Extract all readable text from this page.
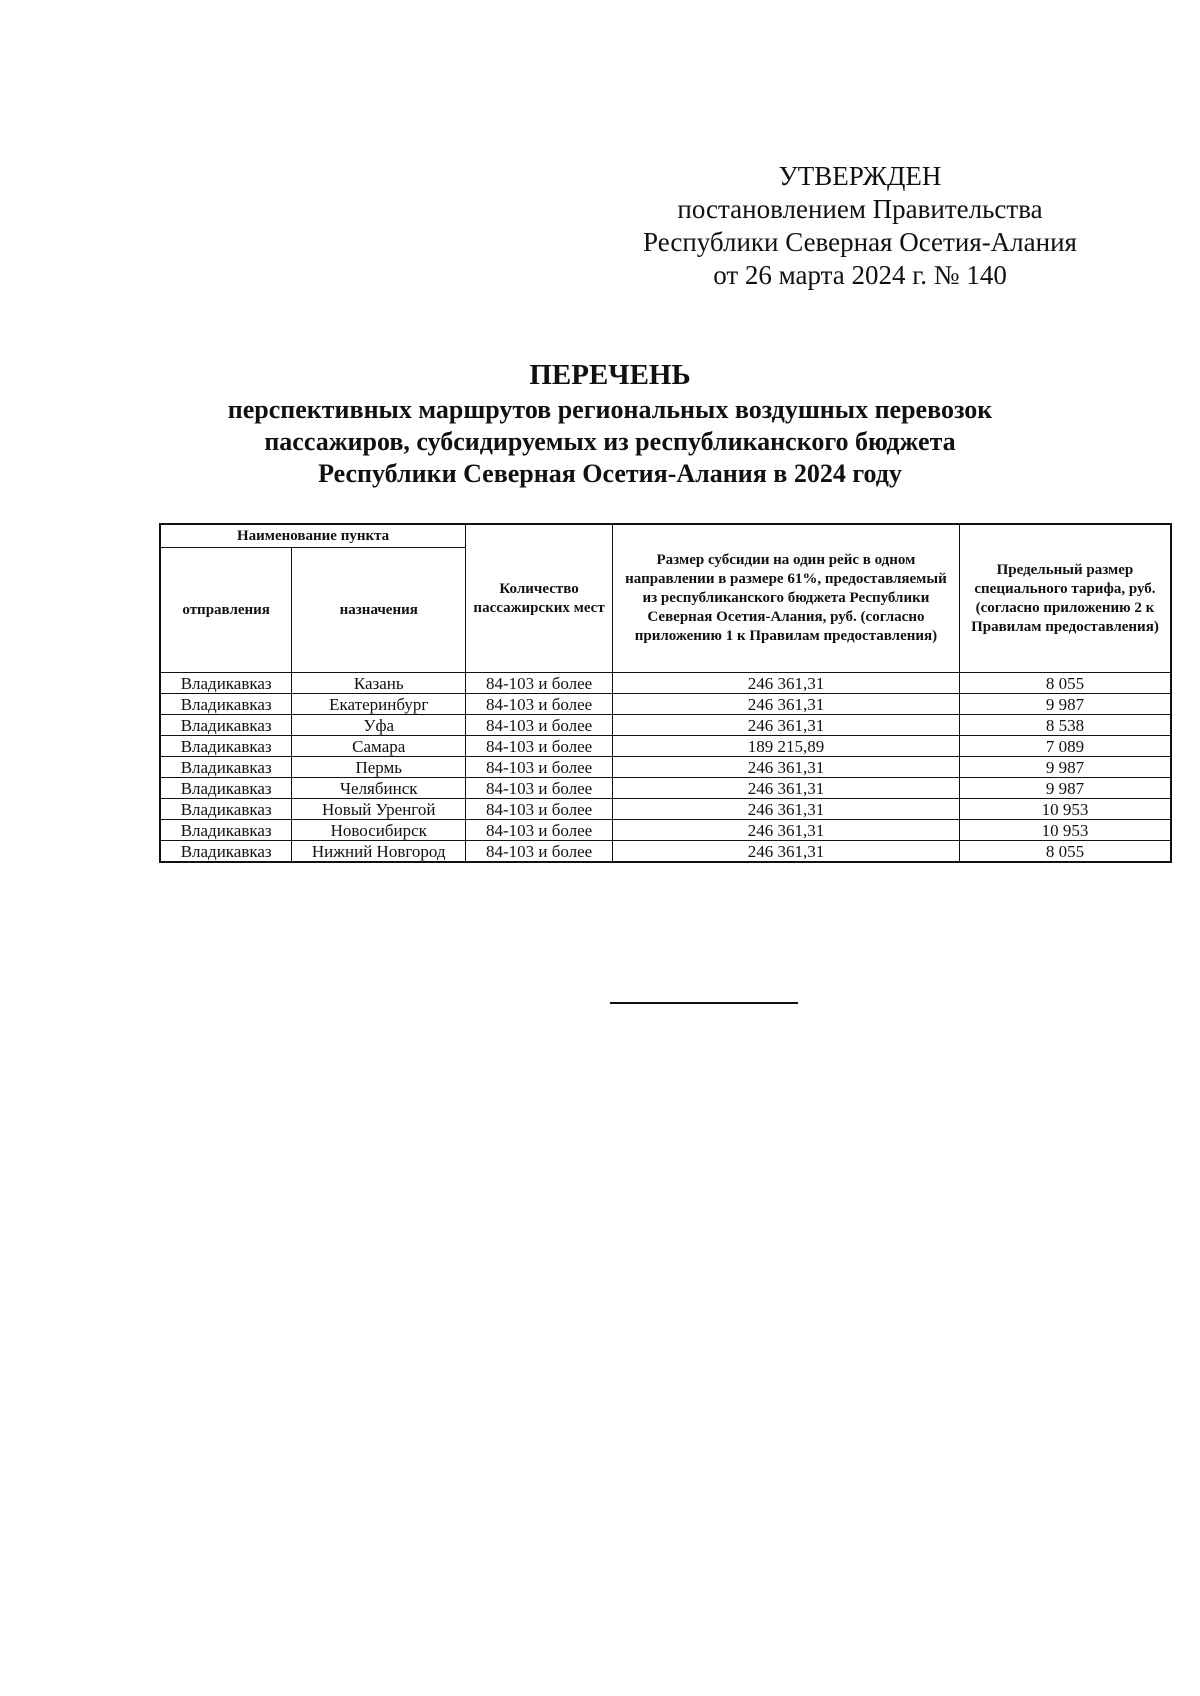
УТВЕРЖДЕН
постановлением Правительства
Республики Северная Осетия-Алания
от 26 марта 2024 г. № 140
ПЕРЕЧЕНЬ
перспективных маршрутов региональных воздушных перевозок
пассажиров, субсидируемых из республиканского бюджета
Республики Северная Осетия-Алания в 2024 году
Наименование пункта		Количество пассажирских мест	Размер субсидии на один рейс в одном направлении в размере 61%, предоставляемый из республиканского бюджета Республики Северная Осетия-Алания, руб. (согласно приложению 1 к Правилам предоставления)	Предельный размер специального тарифа, руб. (согласно приложению 2 к Правилам предоставления)
отправления	назначения			
Владикавказ	Казань	84-103 и более	246 361,31	8 055
Владикавказ	Екатеринбург	84-103 и более	246 361,31	9 987
Владикавказ	Уфа	84-103 и более	246 361,31	8 538
Владикавказ	Самара	84-103 и более	189 215,89	7 089
Владикавказ	Пермь	84-103 и более	246 361,31	9 987
Владикавказ	Челябинск	84-103 и более	246 361,31	9 987
Владикавказ	Новый Уренгой	84-103 и более	246 361,31	10 953
Владикавказ	Новосибирск	84-103 и более	246 361,31	10 953
Владикавказ	Нижний Новгород	84-103 и более	246 361,31	8 055
